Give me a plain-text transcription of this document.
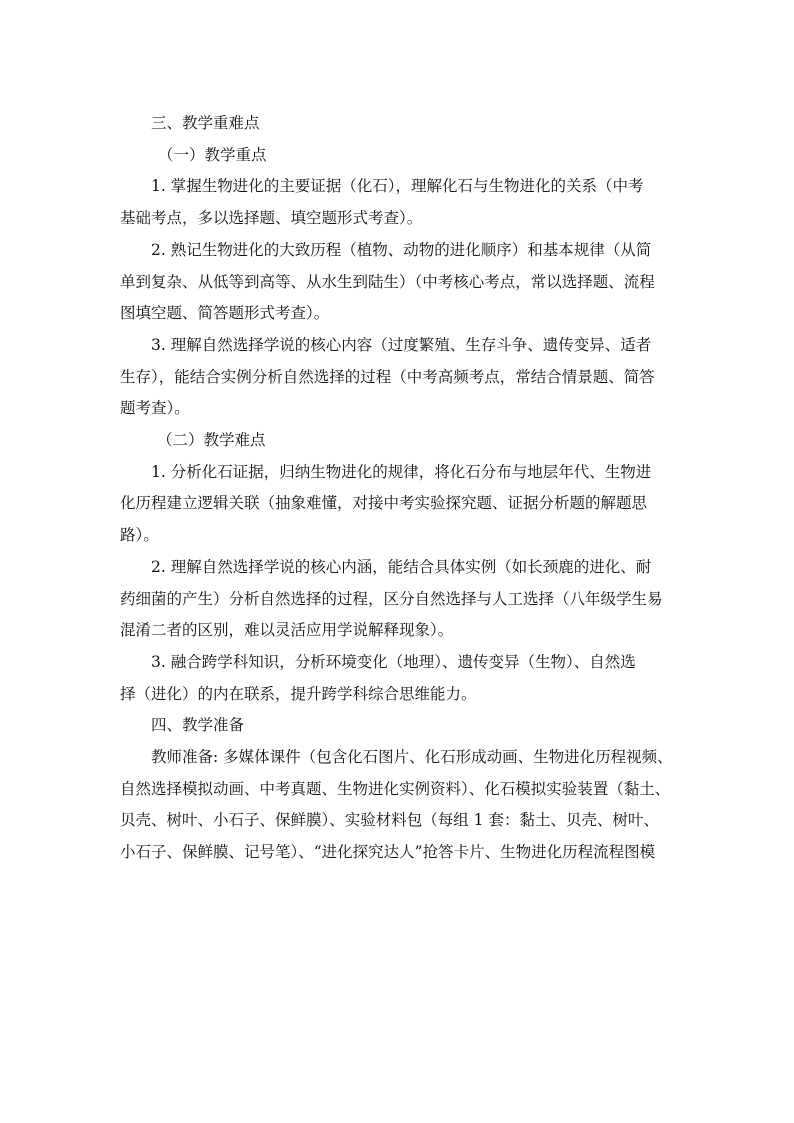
三、教学重难点

（一）教学重点

1. 掌握生物进化的主要证据（化石），理解化石与生物进化的关系（中考

基础考点，多以选择题、填空题形式考查）。

2. 熟记生物进化的大致历程（植物、动物的进化顺序）和基本规律（从简

单到复杂、从低等到高等、从水生到陆生）（中考核心考点，常以选择题、流程

图填空题、简答题形式考查）。

3. 理解自然选择学说的核心内容（过度繁殖、生存斗争、遗传变异、适者

生存），能结合实例分析自然选择的过程（中考高频考点，常结合情景题、简答

题考查）。

（二）教学难点

1. 分析化石证据，归纳生物进化的规律，将化石分布与地层年代、生物进

化历程建立逻辑关联（抽象难懂，对接中考实验探究题、证据分析题的解题思

路）。

2. 理解自然选择学说的核心内涵，能结合具体实例（如长颈鹿的进化、耐

药细菌的产生）分析自然选择的过程，区分自然选择与人工选择（八年级学生易

混淆二者的区别，难以灵活应用学说解释现象）。

3. 融合跨学科知识，分析环境变化（地理）、遗传变异（生物）、自然选

择（进化）的内在联系，提升跨学科综合思维能力。

四、教学准备

教师准备: 多媒体课件（包含化石图片、化石形成动画、生物进化历程视频、

自然选择模拟动画、中考真题、生物进化实例资料）、化石模拟实验装置（黏土、

贝壳、树叶、小石子、保鲜膜）、实验材料包（每组 1 套：黏土、贝壳、树叶、

小石子、保鲜膜、记号笔）、“进化探究达人”抢答卡片、生物进化历程流程图模
